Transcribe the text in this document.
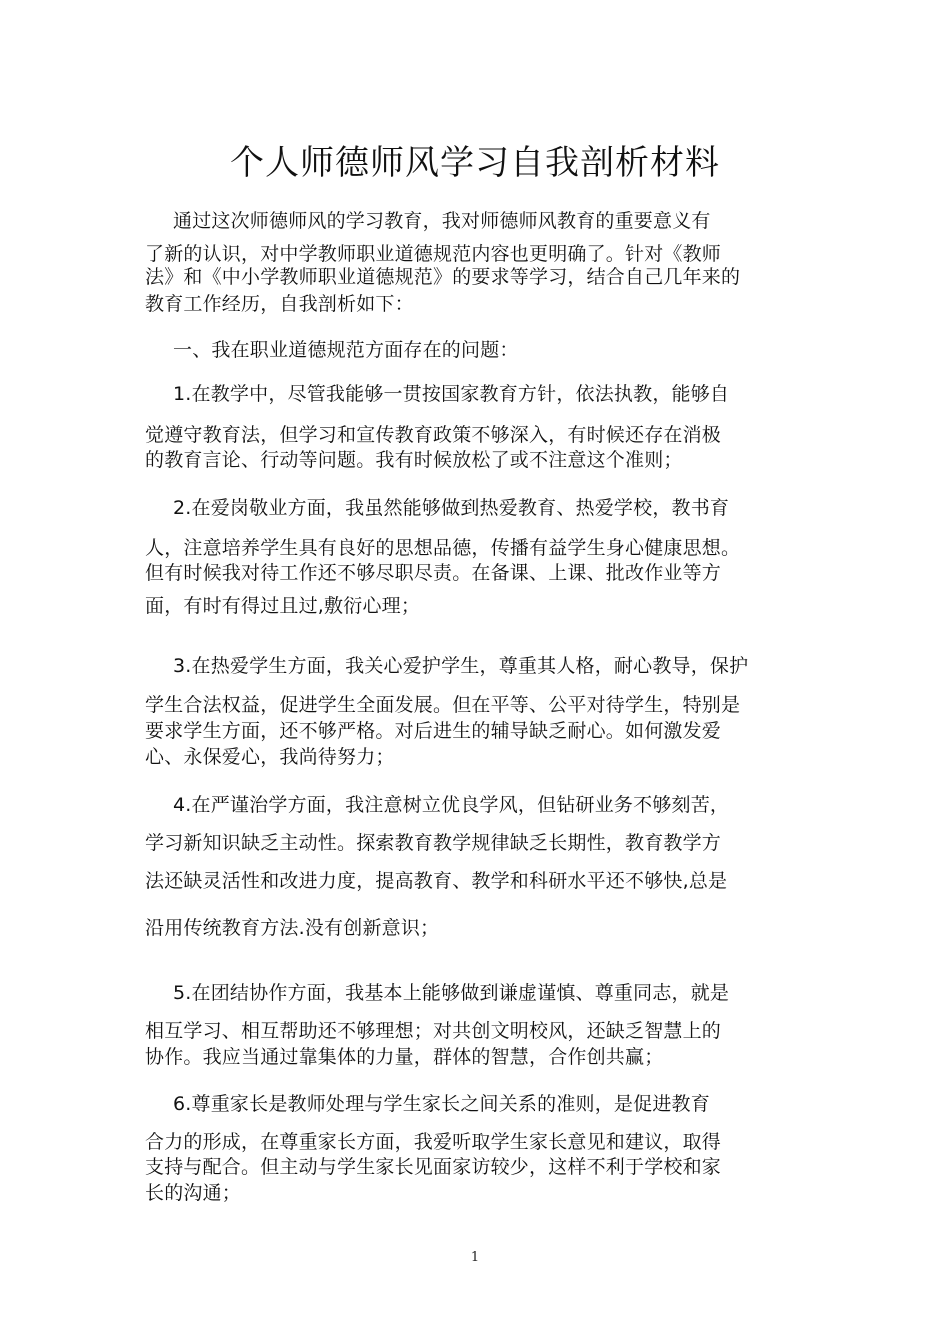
个人师德师风学习自我剖析材料
通过这次师德师风的学习教育，我对师德师风教育的重要意义有
了新的认识，对中学教师职业道德规范内容也更明确了。针对《教师
法》和《中小学教师职业道德规范》的要求等学习，结合自己几年来的
教育工作经历，自我剖析如下：
一、我在职业道德规范方面存在的问题：
1.在教学中，尽管我能够一贯按国家教育方针，依法执教，能够自
觉遵守教育法，但学习和宣传教育政策不够深入，有时候还存在消极
的教育言论、行动等问题。我有时候放松了或不注意这个准则；
2.在爱岗敬业方面，我虽然能够做到热爱教育、热爱学校，教书育
人，注意培养学生具有良好的思想品德，传播有益学生身心健康思想。
但有时候我对待工作还不够尽职尽责。在备课、上课、批改作业等方
面，有时有得过且过,敷衍心理；
3.在热爱学生方面，我关心爱护学生，尊重其人格，耐心教导，保护
学生合法权益，促进学生全面发展。但在平等、公平对待学生，特别是
要求学生方面，还不够严格。对后进生的辅导缺乏耐心。如何激发爱
心、永保爱心，我尚待努力；
4.在严谨治学方面，我注意树立优良学风，但钻研业务不够刻苦，
学习新知识缺乏主动性。探索教育教学规律缺乏长期性，教育教学方
法还缺灵活性和改进力度，提高教育、教学和科研水平还不够快,总是
沿用传统教育方法.没有创新意识；
5.在团结协作方面，我基本上能够做到谦虚谨慎、尊重同志，就是
相互学习、相互帮助还不够理想；对共创文明校风，还缺乏智慧上的
协作。我应当通过靠集体的力量，群体的智慧，合作创共赢；
6.尊重家长是教师处理与学生家长之间关系的准则，是促进教育
合力的形成，在尊重家长方面，我爱听取学生家长意见和建议，取得
支持与配合。但主动与学生家长见面家访较少，这样不利于学校和家
长的沟通；
1
